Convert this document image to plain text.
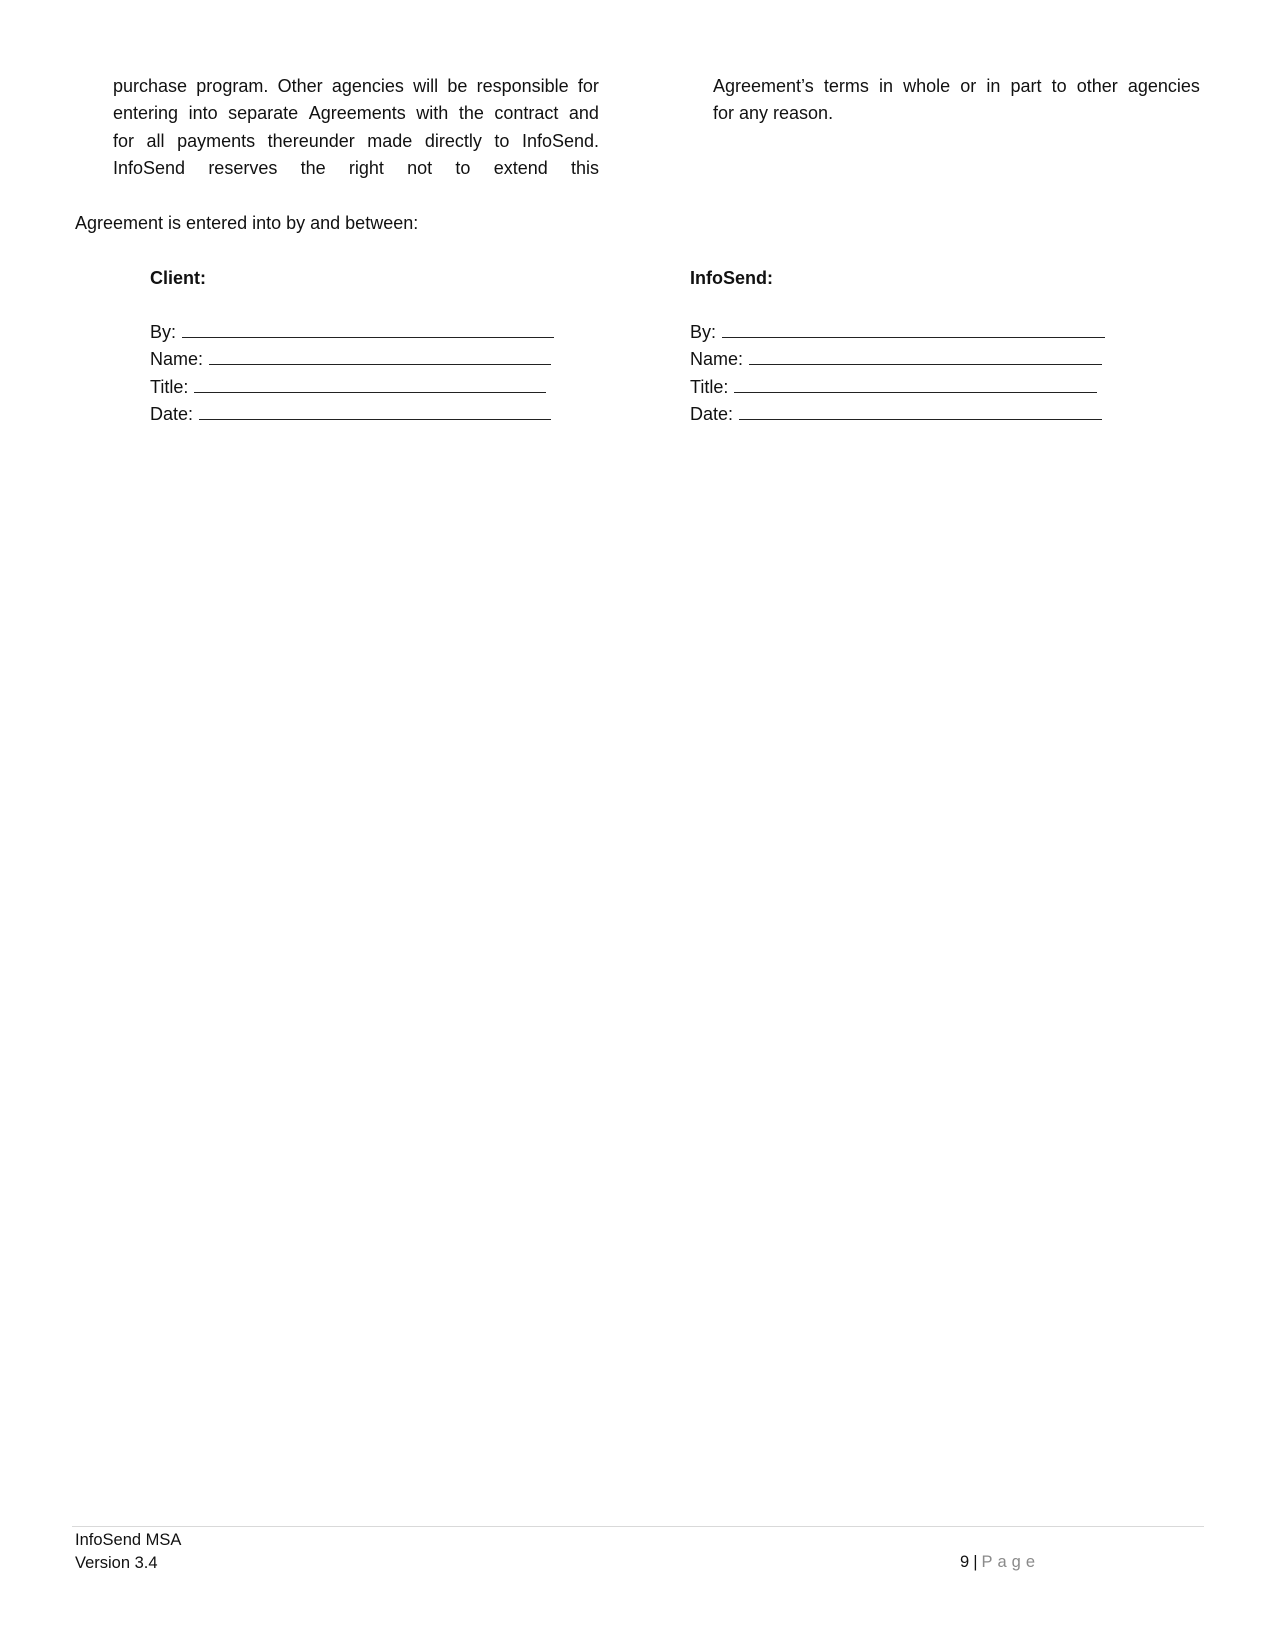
purchase program. Other agencies will be responsible for
entering into separate Agreements with the contract and
for all payments thereunder made directly to InfoSend.
InfoSend reserves the right not to extend this
Agreement’s terms in whole or in part to other agencies
for any reason.
Agreement is entered into by and between:
Client:
By:
Name:
Title:
Date:
InfoSend:
By:
Name:
Title:
Date:
InfoSend MSA
Version 3.4	9 | Page
